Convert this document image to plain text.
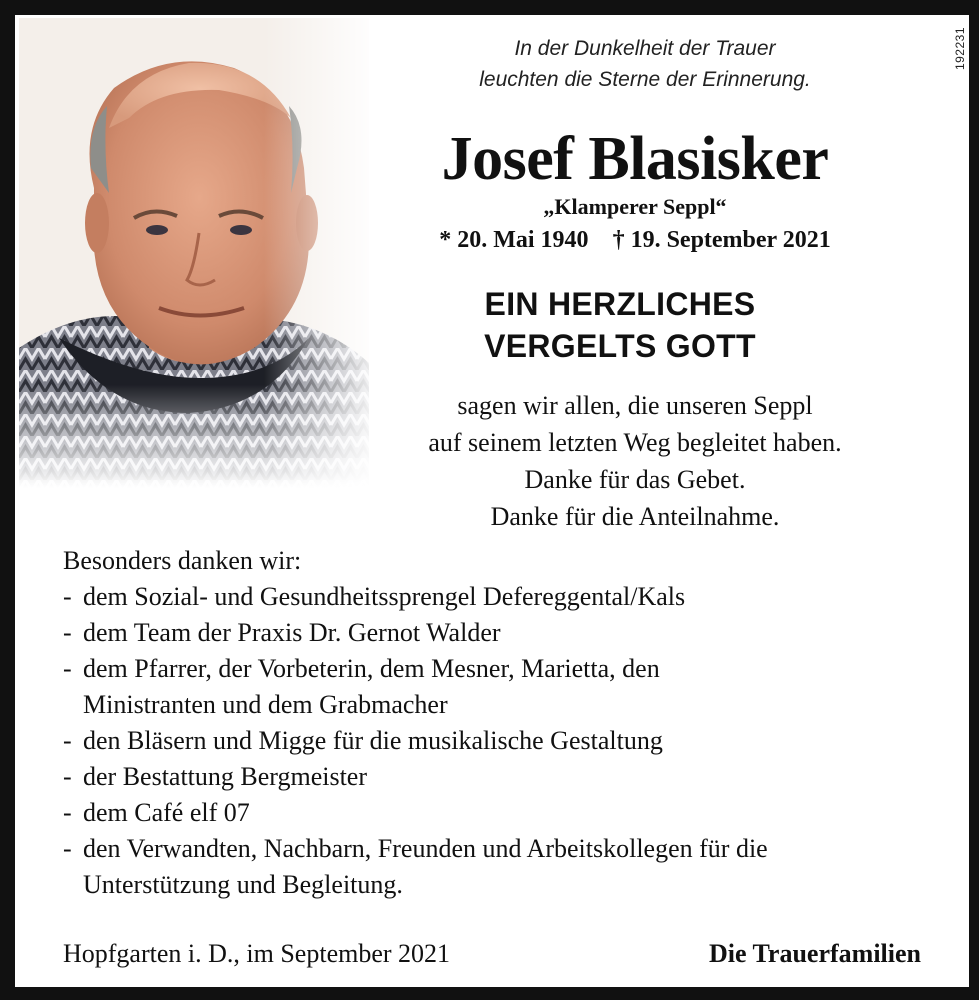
192231
In der Dunkelheit der Trauer
leuchten die Sterne der Erinnerung.
Josef Blasisker
„Klamperer Seppl“
* 20. Mai 1940 † 19. September 2021
EIN HERZLICHES
VERGELTS GOTT
sagen wir allen, die unseren Seppl
auf seinem letzten Weg begleitet haben.
Danke für das Gebet.
Danke für die Anteilnahme.
Besonders danken wir:
- dem Sozial- und Gesundheitssprengel Defereggental/Kals
- dem Team der Praxis Dr. Gernot Walder
- dem Pfarrer, der Vorbeterin, dem Mesner, Marietta, den Ministranten und dem Grabmacher
- den Bläsern und Migge für die musikalische Gestaltung
- der Bestattung Bergmeister
- dem Café elf 07
- den Verwandten, Nachbarn, Freunden und Arbeitskollegen für die Unterstützung und Begleitung.
Hopfgarten i. D., im September 2021	Die Trauerfamilien
